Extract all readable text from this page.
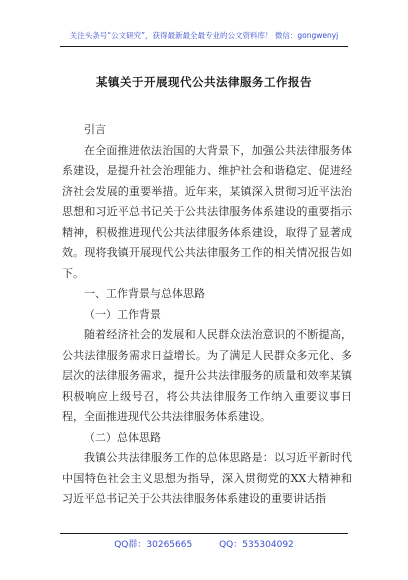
关注头条号“公文研究”，获得最新最全最专业的公文资料库！ 微信：gongwenyj
某镇关于开展现代公共法律服务工作报告

引言

在全面推进依法治国的大背景下，加强公共法律服务体系建设，是提升社会治理能力、维护社会和谐稳定、促进经济社会发展的重要举措。近年来，某镇深入贯彻习近平法治思想和习近平总书记关于公共法律服务体系建设的重要指示精神，积极推进现代公共法律服务体系建设，取得了显著成效。现将我镇开展现代公共法律服务工作的相关情况报告如下。

一、工作背景与总体思路

（一）工作背景

随着经济社会的发展和人民群众法治意识的不断提高，公共法律服务需求日益增长。为了满足人民群众多元化、多层次的法律服务需求，提升公共法律服务的质量和效率某镇积极响应上级号召，将公共法律服务工作纳入重要议事日程，全面推进现代公共法律服务体系建设。

（二）总体思路

我镇公共法律服务工作的总体思路是：以习近平新时代中国特色社会主义思想为指导，深入贯彻党的XX大精神和习近平总书记关于公共法律服务体系建设的重要讲话指

QQ群：30265665	QQ：535304092
